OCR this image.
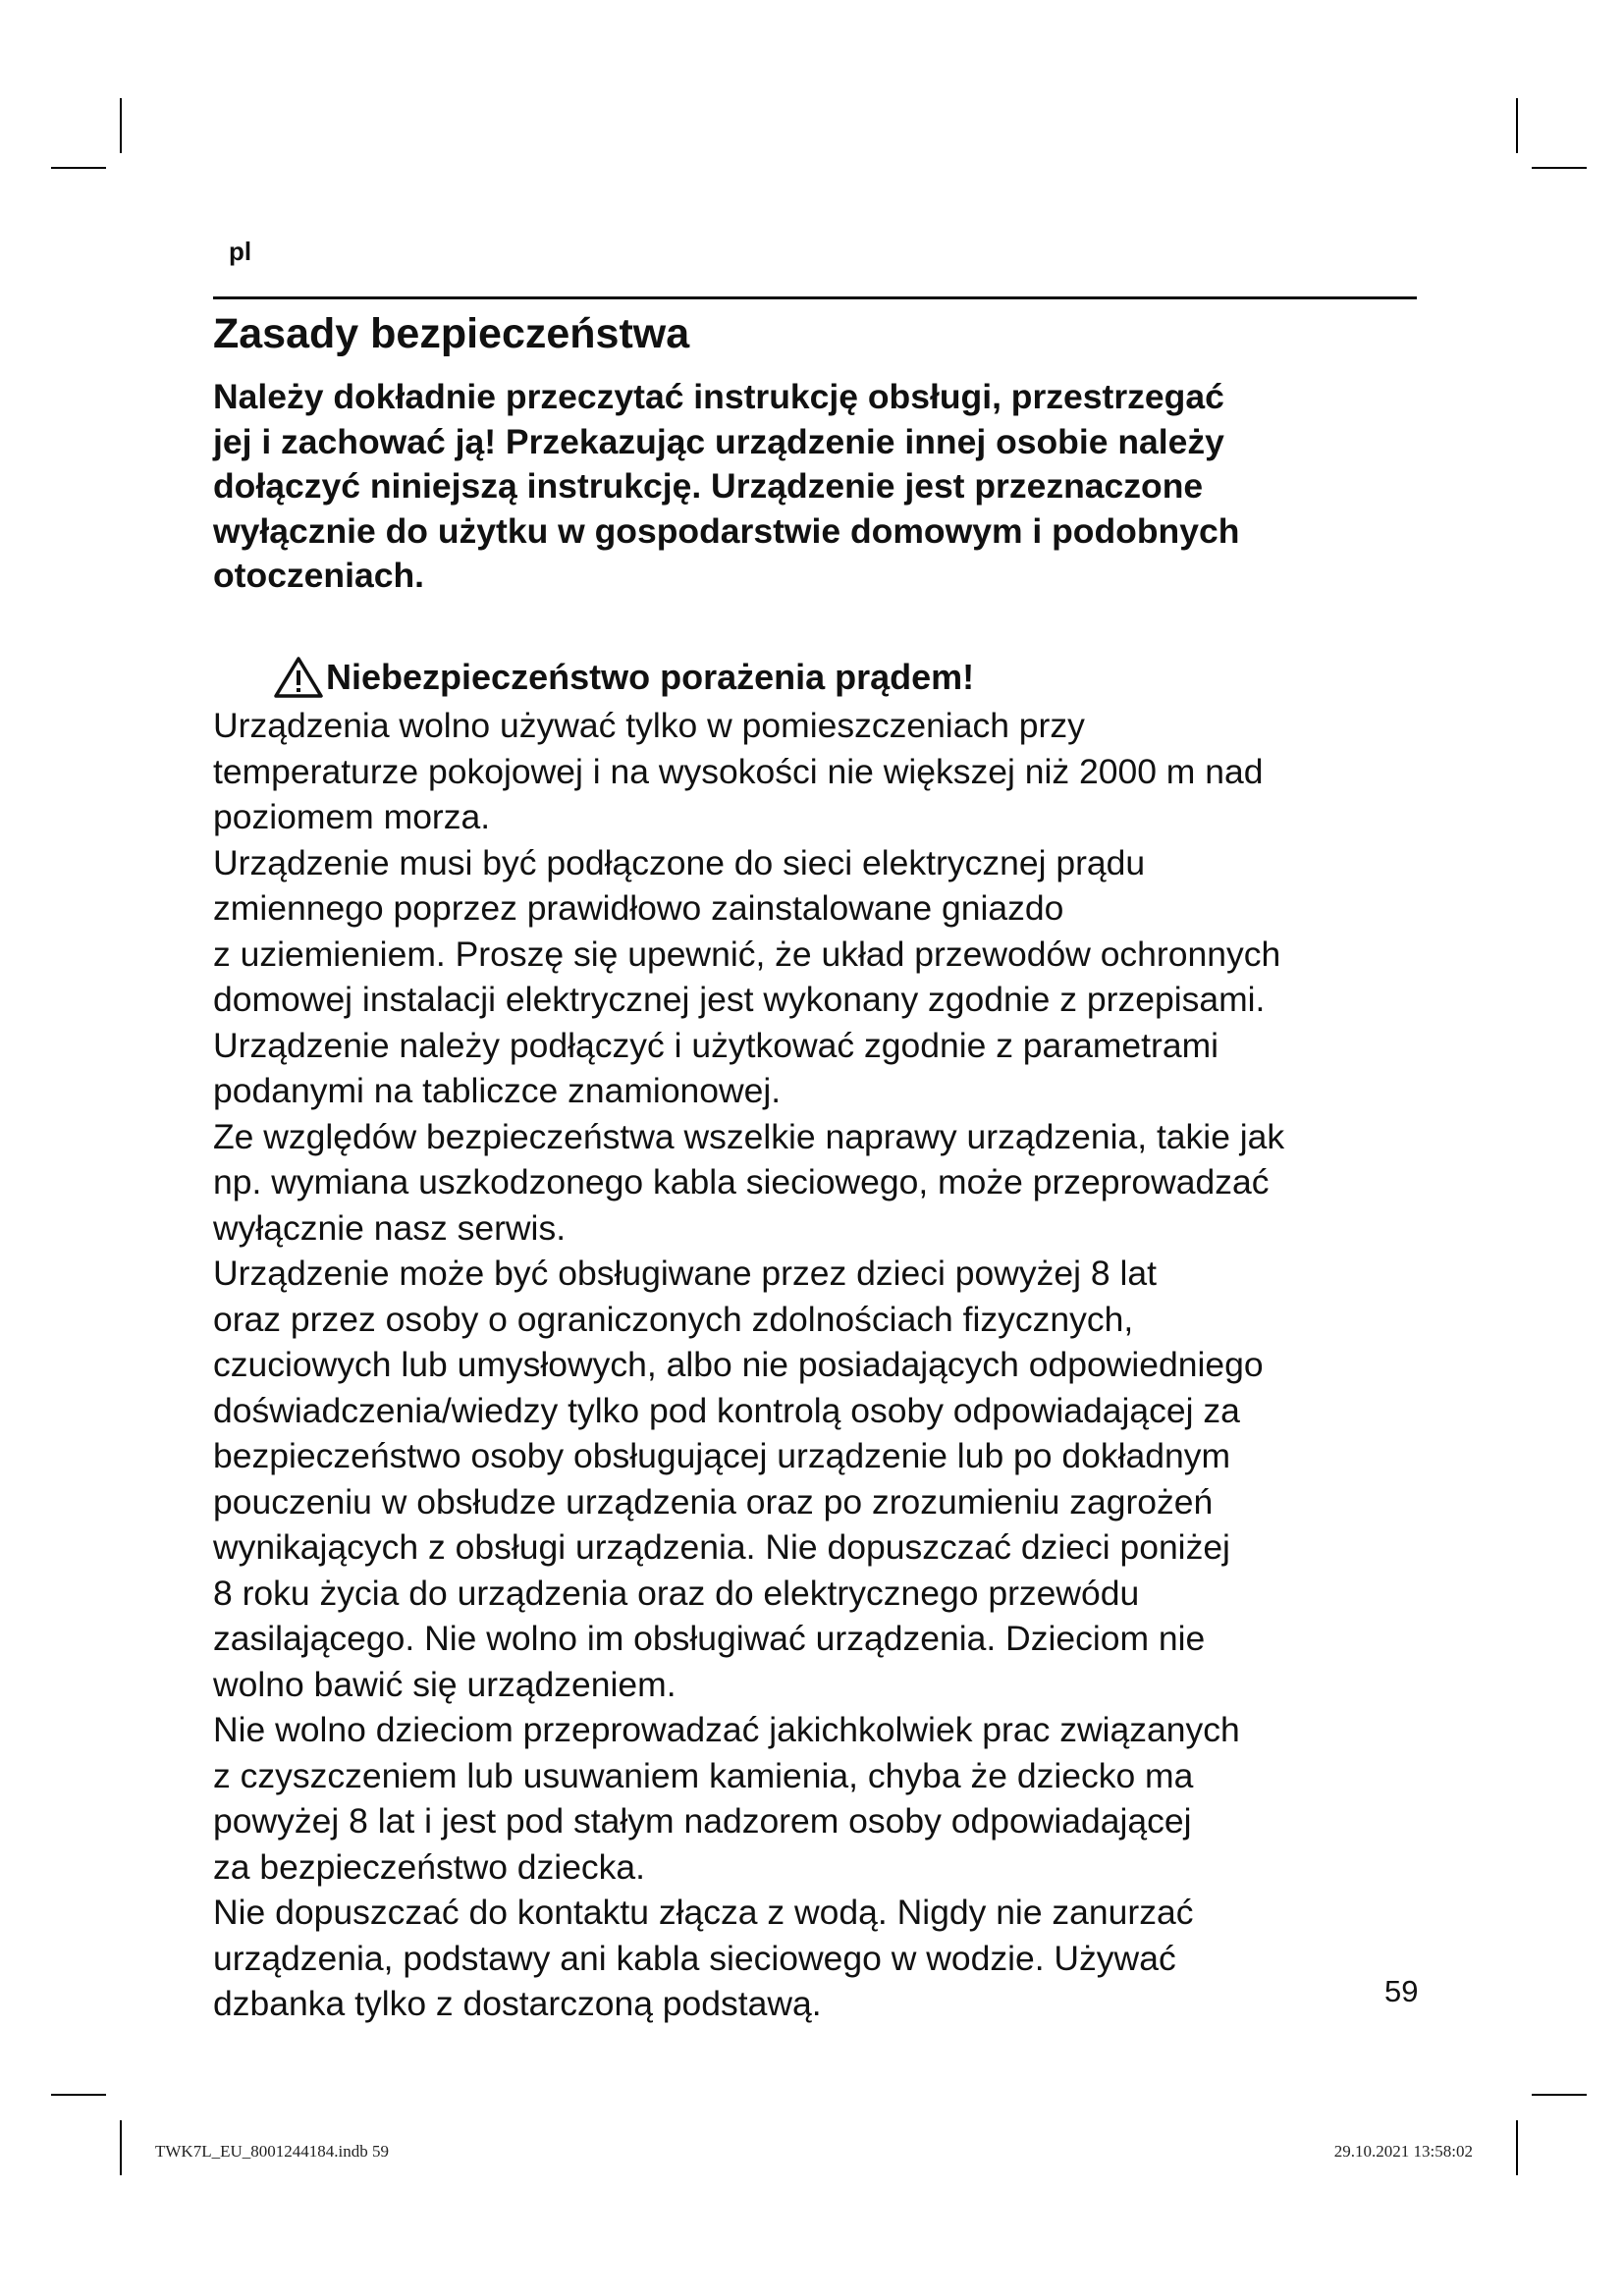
pl
Zasady bezpieczeństwa
Należy dokładnie przeczytać instrukcję obsługi, przestrzegać
jej i zachować ją! Przekazując urządzenie innej osobie należy
dołączyć niniejszą instrukcję. Urządzenie jest przeznaczone
wyłącznie do użytku w gospodarstwie domowym i podobnych
otoczeniach.
Niebezpieczeństwo porażenia prądem!
Urządzenia wolno używać tylko w pomieszczeniach przy
temperaturze pokojowej i na wysokości nie większej niż 2000 m nad
poziomem morza.
Urządzenie musi być podłączone do sieci elektrycznej prądu
zmiennego poprzez prawidłowo zainstalowane gniazdo
z uziemieniem. Proszę się upewnić, że układ przewodów ochronnych
domowej instalacji elektrycznej jest wykonany zgodnie z przepisami.
Urządzenie należy podłączyć i użytkować zgodnie z parametrami
podanymi na tabliczce znamionowej.
Ze względów bezpieczeństwa wszelkie naprawy urządzenia, takie jak
np. wymiana uszkodzonego kabla sieciowego, może przeprowadzać
wyłącznie nasz serwis.
Urządzenie może być obsługiwane przez dzieci powyżej 8 lat
oraz przez osoby o ograniczonych zdolnościach fizycznych,
czuciowych lub umysłowych, albo nie posiadających odpowiedniego
doświadczenia/wiedzy tylko pod kontrolą osoby odpowiadającej za
bezpieczeństwo osoby obsługującej urządzenie lub po dokładnym
pouczeniu w obsłudze urządzenia oraz po zrozumieniu zagrożeń
wynikających z obsługi urządzenia. Nie dopuszczać dzieci poniżej
8 roku życia do urządzenia oraz do elektrycznego przewódu
zasilającego. Nie wolno im obsługiwać urządzenia. Dzieciom nie
wolno bawić się urządzeniem.
Nie wolno dzieciom przeprowadzać jakichkolwiek prac związanych
z czyszczeniem lub usuwaniem kamienia, chyba że dziecko ma
powyżej 8 lat i jest pod stałym nadzorem osoby odpowiadającej
za bezpieczeństwo dziecka.
Nie dopuszczać do kontaktu złącza z wodą. Nigdy nie zanurzać
urządzenia, podstawy ani kabla sieciowego w wodzie. Używać
dzbanka tylko z dostarczoną podstawą.	59
TWK7L_EU_8001244184.indb 59	29.10.2021 13:58:02
